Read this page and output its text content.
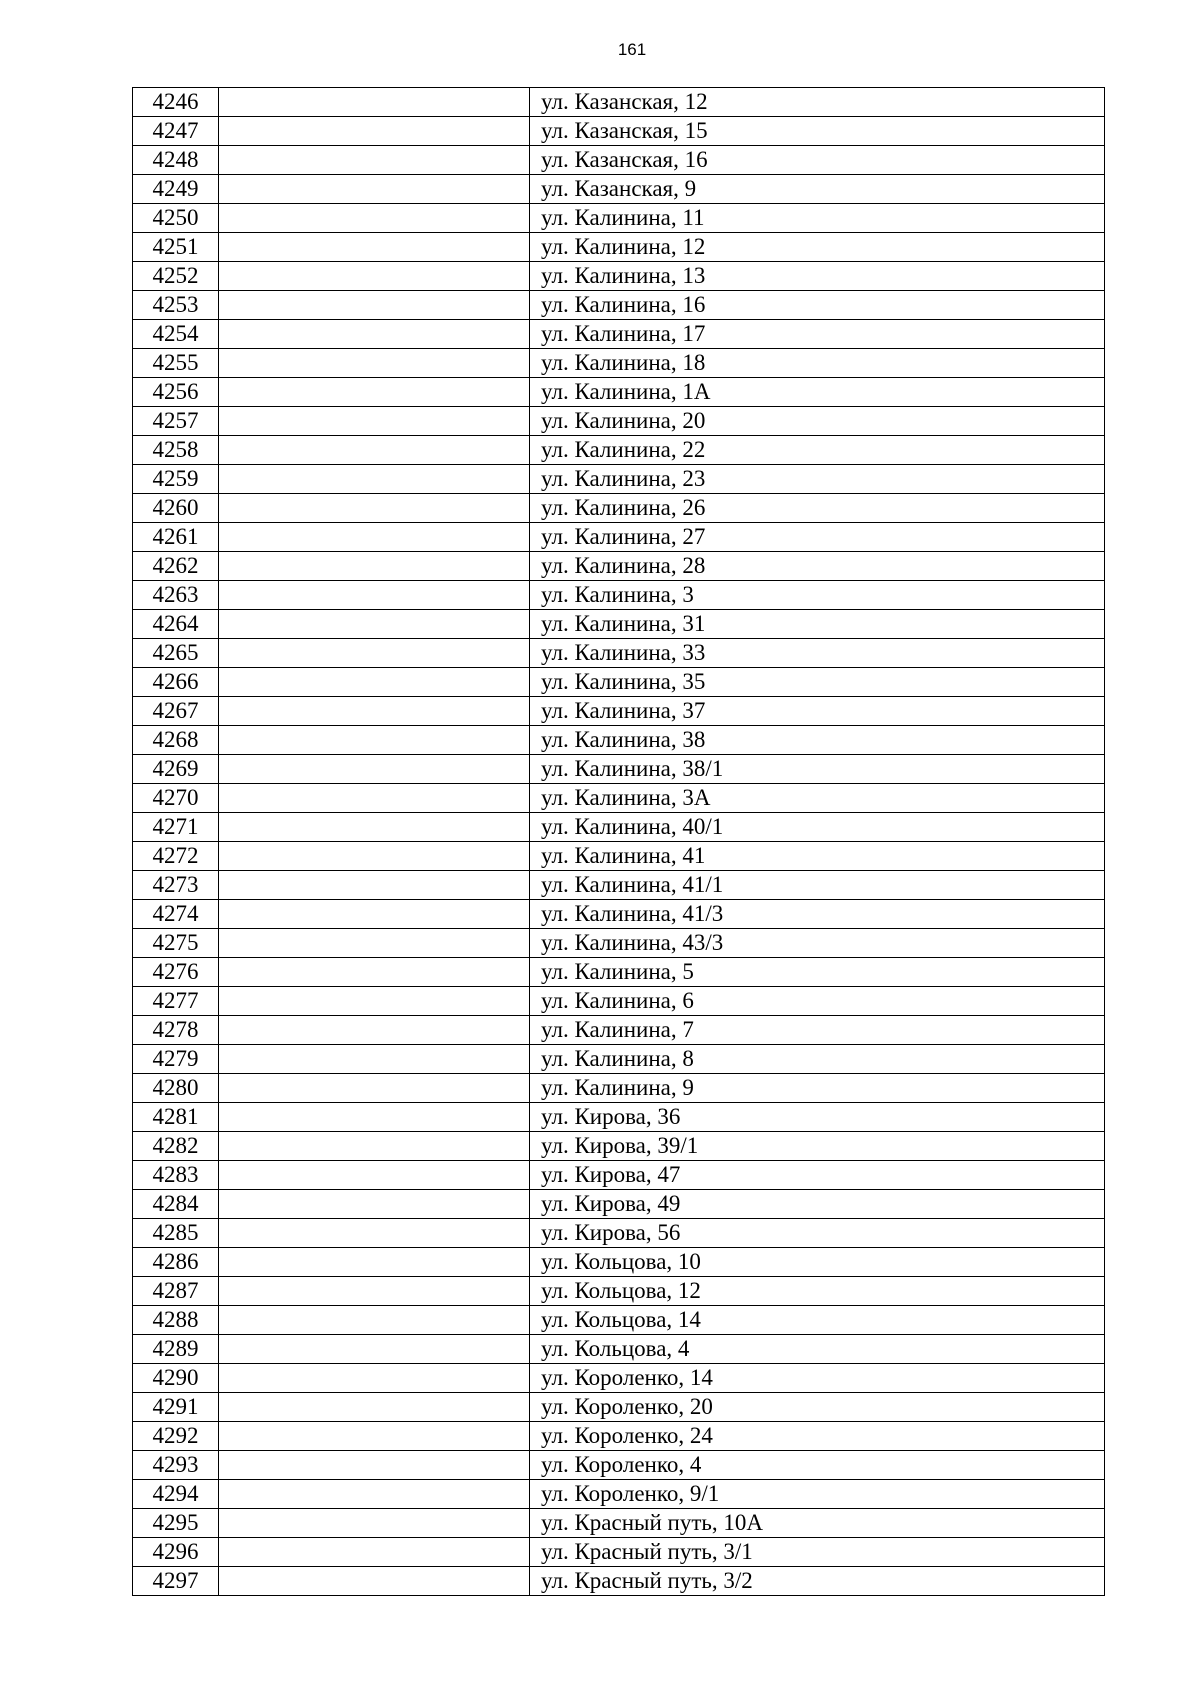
161
4246		ул. Казанская, 12
4247		ул. Казанская, 15
4248		ул. Казанская, 16
4249		ул. Казанская, 9
4250		ул. Калинина, 11
4251		ул. Калинина, 12
4252		ул. Калинина, 13
4253		ул. Калинина, 16
4254		ул. Калинина, 17
4255		ул. Калинина, 18
4256		ул. Калинина, 1А
4257		ул. Калинина, 20
4258		ул. Калинина, 22
4259		ул. Калинина, 23
4260		ул. Калинина, 26
4261		ул. Калинина, 27
4262		ул. Калинина, 28
4263		ул. Калинина, 3
4264		ул. Калинина, 31
4265		ул. Калинина, 33
4266		ул. Калинина, 35
4267		ул. Калинина, 37
4268		ул. Калинина, 38
4269		ул. Калинина, 38/1
4270		ул. Калинина, 3А
4271		ул. Калинина, 40/1
4272		ул. Калинина, 41
4273		ул. Калинина, 41/1
4274		ул. Калинина, 41/3
4275		ул. Калинина, 43/3
4276		ул. Калинина, 5
4277		ул. Калинина, 6
4278		ул. Калинина, 7
4279		ул. Калинина, 8
4280		ул. Калинина, 9
4281		ул. Кирова, 36
4282		ул. Кирова, 39/1
4283		ул. Кирова, 47
4284		ул. Кирова, 49
4285		ул. Кирова, 56
4286		ул. Кольцова, 10
4287		ул. Кольцова, 12
4288		ул. Кольцова, 14
4289		ул. Кольцова, 4
4290		ул. Короленко, 14
4291		ул. Короленко, 20
4292		ул. Короленко, 24
4293		ул. Короленко, 4
4294		ул. Короленко, 9/1
4295		ул. Красный путь, 10А
4296		ул. Красный путь, 3/1
4297		ул. Красный путь, 3/2
